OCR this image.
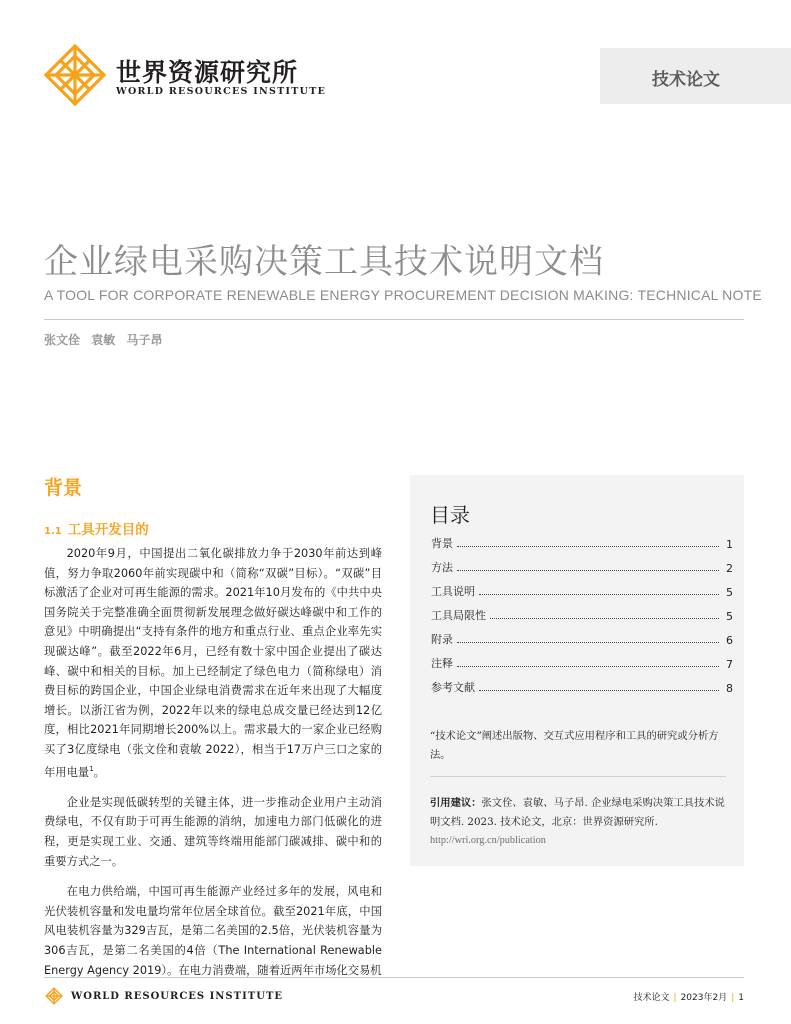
世界资源研究所
WORLD RESOURCES INSTITUTE
技术论文
企业绿电采购决策工具技术说明文档
A TOOL FOR CORPORATE RENEWABLE ENERGY PROCUREMENT DECISION MAKING: TECHNICAL NOTE
张文佺 袁敏 马子昂
背景
1.1 工具开发目的

2020年9月，中国提出二氧化碳排放力争于2030年前达到峰值，努力争取2060年前实现碳中和（简称“双碳”目标）。“双碳”目标激活了企业对可再生能源的需求。2021年10月发布的《中共中央 国务院关于完整准确全面贯彻新发展理念做好碳达峰碳中和工作的意见》中明确提出“支持有条件的地方和重点行业、重点企业率先实现碳达峰”。截至2022年6月，已经有数十家中国企业提出了碳达峰、碳中和相关的目标。加上已经制定了绿色电力（简称绿电）消费目标的跨国企业，中国企业绿电消费需求在近年来出现了大幅度增长。以浙江省为例，2022年以来的绿电总成交量已经达到12亿度，相比2021年同期增长200%以上。需求最大的一家企业已经购买了3亿度绿电（张文佺和袁敏 2022），相当于17万户三口之家的年用电量$^1$。

企业是实现低碳转型的关键主体，进一步推动企业用户主动消费绿电，不仅有助于可再生能源的消纳，加速电力部门低碳化的进程，更是实现工业、交通、建筑等终端用能部门碳减排、碳中和的重要方式之一。

在电力供给端，中国可再生能源产业经过多年的发展，风电和光伏装机容量和发电量均常年位居全球首位。截至2021年底，中国风电装机容量为329吉瓦，是第二名美国的2.5倍，光伏装机容量为306吉瓦，是第二名美国的4倍（The International Renewable Energy Agency 2019）。在电力消费端，随着近两年市场化交易机

目录
背景	1
方法	2
工具说明	5
工具局限性	5
附录	6
注释	7
参考文献	8
“技术论文”阐述出版物、交互式应用程序和工具的研究或分析方法。
引用建议：张文佺、袁敏、马子昂. 企业绿电采购决策工具技术说明文档. 2023. 技术论文，北京：世界资源研究所.
http://wri.org.cn/publication
WORLD RESOURCES INSTITUTE	技术论文 | 2023年2月 | 1
